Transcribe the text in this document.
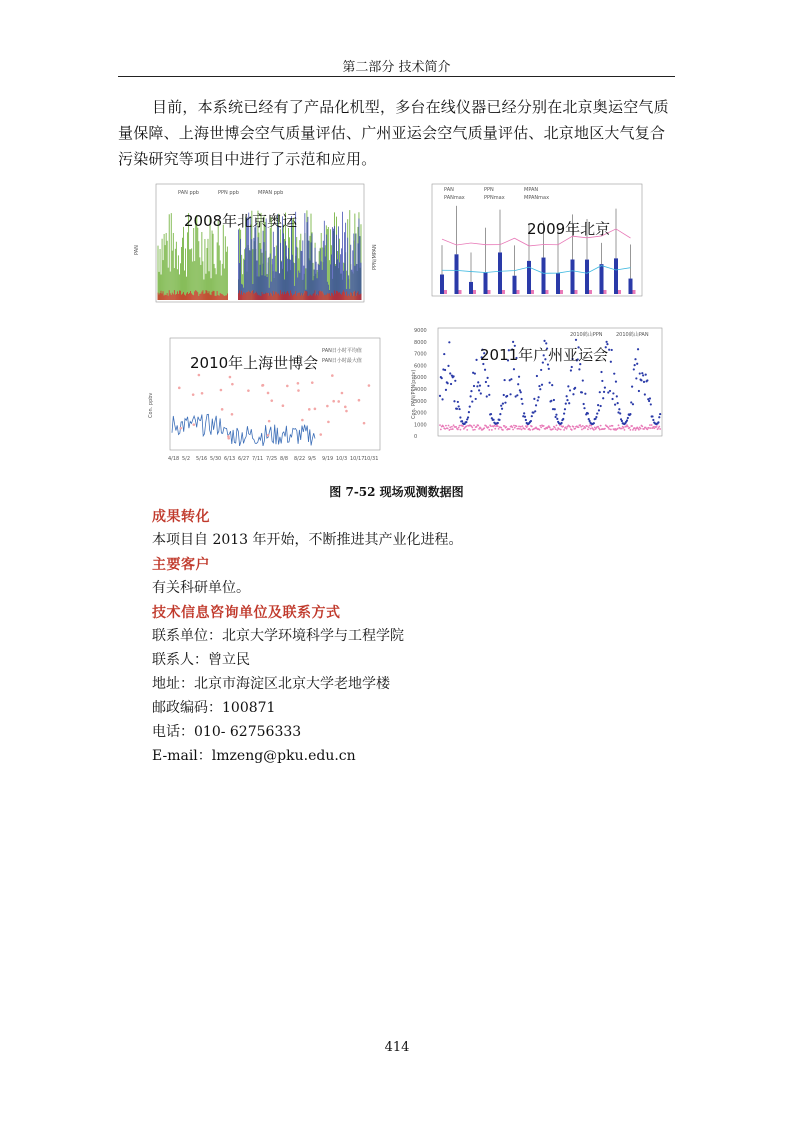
第二部分 技术简介
目前，本系统已经有了产品化机型，多台在线仪器已经分别在北京奥运空气质量保障、上海世博会空气质量评估、广州亚运会空气质量评估、北京地区大气复合污染研究等项目中进行了示范和应用。
PAN	PPN/MPAN
PAN ppb	PPN ppb	MPAN ppb
2008年北京奥运
PAN	PPN	MPAN
PANmax	PPNmax	MPANmax
2009年北京
Con. ppbv
4/18 5/2 5/16 5/30 6/13 6/27 7/11 7/25 8/8 8/22 9/5 9/19 10/3 10/17 10/31
PAN日小时平均值
PAN日小时最大值
2010年上海世博会
Con. PAN/PPN(pptv)
9000
8000
7000
6000
5000
4000
3000
2000
1000
0
2010鹤山PPN	2010鹤山PAN
2011年广州亚运会
图 7-52 现场观测数据图
成果转化
本项目自 2013 年开始，不断推进其产业化进程。
主要客户
有关科研单位。
技术信息咨询单位及联系方式
联系单位：北京大学环境科学与工程学院
联系人：曾立民
地址：北京市海淀区北京大学老地学楼
邮政编码：100871
电话：010- 62756333
E-mail：lmzeng@pku.edu.cn
414
